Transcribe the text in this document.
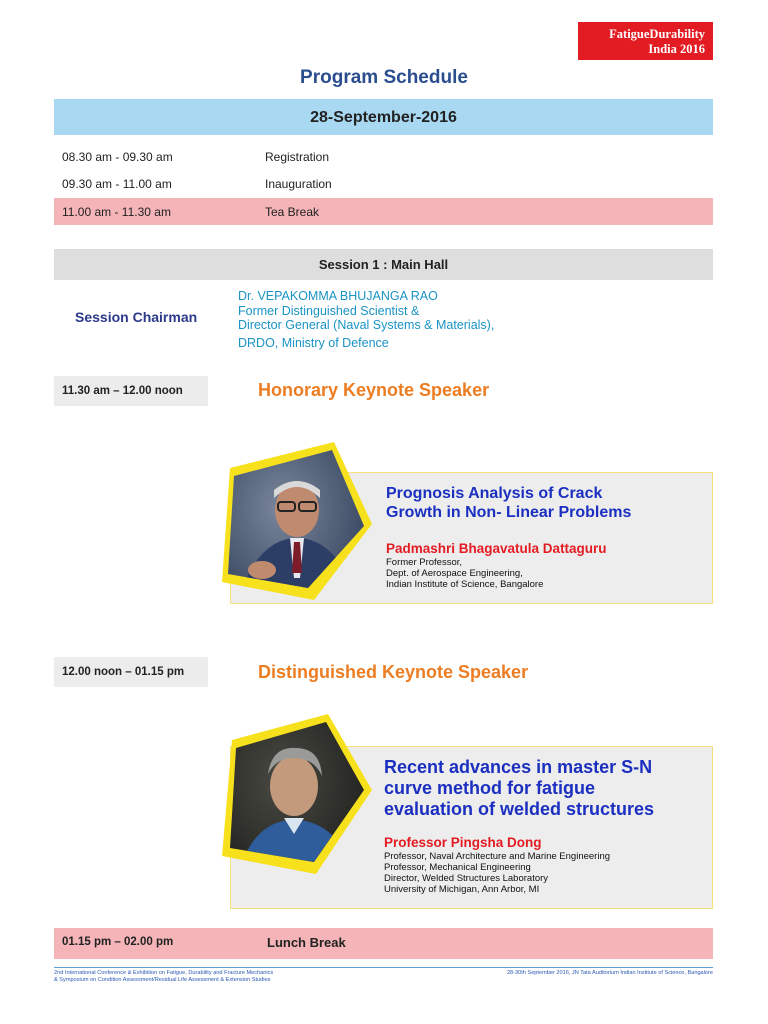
FatigueDurability
India 2016
Program Schedule
28-September-2016
08.30 am - 09.30 am	Registration
09.30 am - 11.00 am	Inauguration
11.00 am - 11.30 am	Tea Break
Session 1 : Main Hall
Session Chairman
Dr. VEPAKOMMA BHUJANGA RAO
Former Distinguished Scientist &
Director General (Naval Systems & Materials),
DRDO, Ministry of Defence
11.30 am – 12.00 noon	Honorary Keynote Speaker
Prognosis Analysis of Crack
Growth in Non- Linear Problems
Padmashri Bhagavatula Dattaguru
Former Professor,
Dept. of Aerospace Engineering,
Indian Institute of Science, Bangalore
12.00 noon – 01.15 pm	Distinguished Keynote Speaker
Recent advances in master S-N
curve method for fatigue
evaluation of welded structures
Professor Pingsha Dong
Professor, Naval Architecture and Marine Engineering
Professor, Mechanical Engineering
Director, Welded Structures Laboratory
University of Michigan, Ann Arbor, MI
01.15 pm – 02.00 pm	Lunch Break
2nd International Conference & Exhibition on Fatigue, Durability and Fracture Mechanics
& Symposium on Condition Assessment/Residual Life Assessment & Extension Studies
28-30th September 2016, JN Tata Auditorium Indian Institute of Science, Bangalore
